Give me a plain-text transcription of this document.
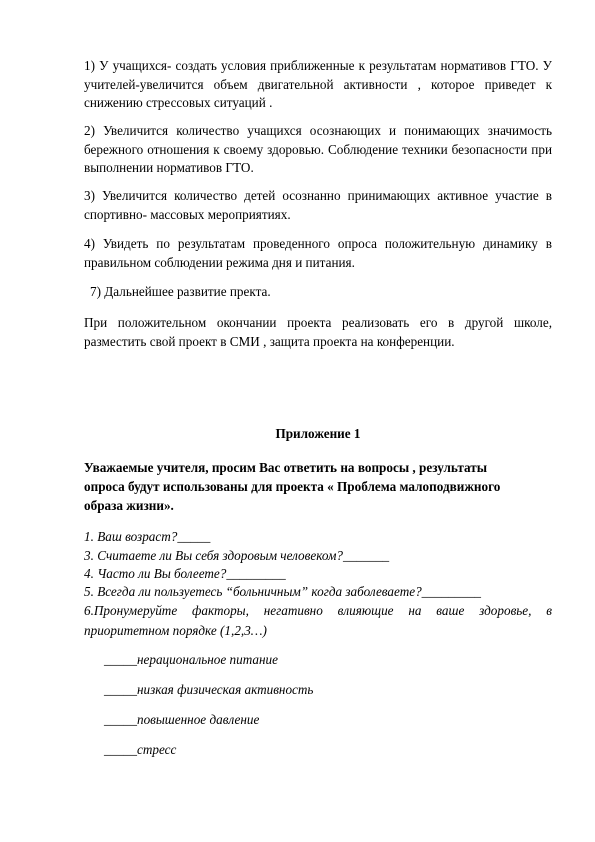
1) У учащихся- создать условия приближенные к результатам нормативов ГТО. У учителей-увеличится объем двигательной активности , которое приведет к снижению стрессовых ситуаций .

2) Увеличится количество учащихся осознающих и понимающих значимость бережного отношения к своему здоровью. Соблюдение техники безопасности при выполнении нормативов ГТО.

3) Увеличится количество детей осознанно принимающих активное участие в спортивно- массовых мероприятиях.

4) Увидеть по результатам проведенного опроса положительную динамику в правильном соблюдении режима дня и питания.

7) Дальнейшее развитие пректа.

При положительном окончании проекта реализовать его в другой школе, разместить свой проект в СМИ , защита проекта на конференции.

Приложение 1
Уважаемые учителя, просим Вас ответить на вопросы , результаты опроса будут использованы для проекта « Проблема малоподвижного образа жизни».

1. Ваш возраст?_____

3. Считаете ли Вы себя здоровым человеком?_______

4. Часто ли Вы болеете?_________

5. Всегда ли пользуетесь “больничным” когда заболеваете?_________

6.Пронумеруйте факторы, негативно влияющие на ваше здоровье, в приоритетном порядке (1,2,3…)

_____нерациональное питание
_____низкая физическая активность
_____повышенное давление
_____стресс
